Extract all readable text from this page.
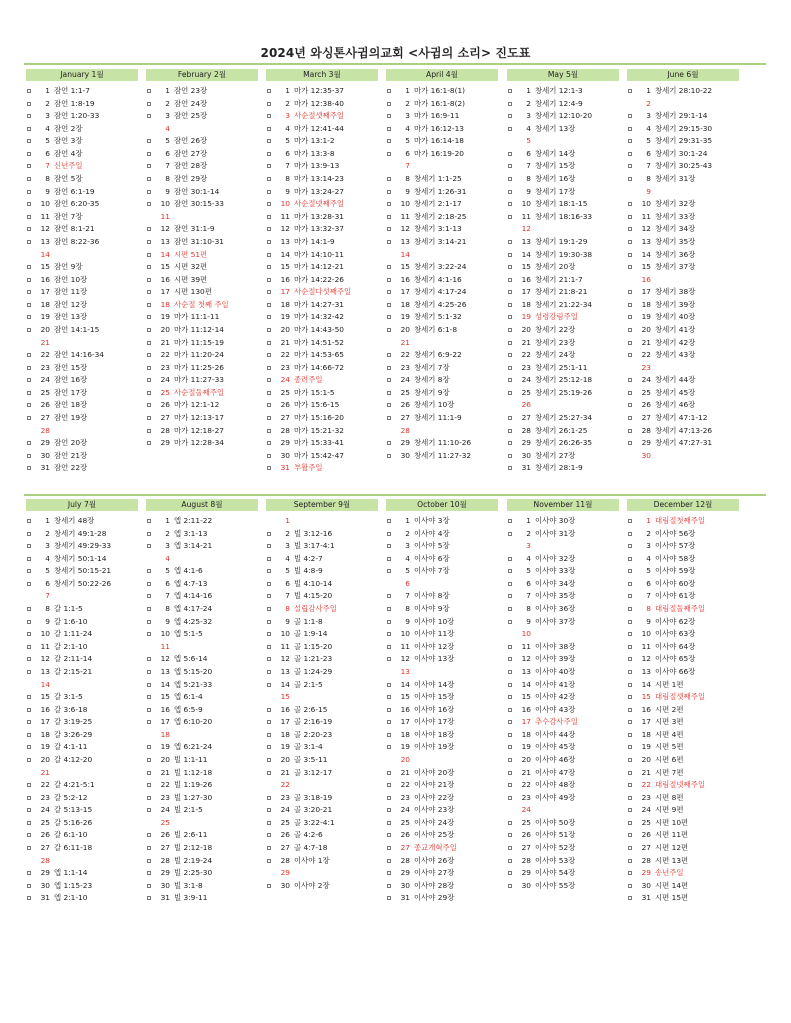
2024년 와싱톤사귐의교회 <사귐의 소리> 진도표
January 1월
1 잠언 1:1-7
2 잠언 1:8-19
3 잠언 1:20-33
4 잠언 2장
5 잠언 3장
6 잠언 4장
7 신년주일
8 잠언 5장
9 잠언 6:1-19
10 잠언 6:20-35
11 잠언 7장
12 잠언 8:1-21
13 잠언 8:22-36
14
15 잠언 9장
16 잠언 10장
17 잠언 11장
18 잠언 12장
19 잠언 13장
20 잠언 14:1-15
21
22 잠언 14:16-34
23 잠언 15장
24 잠언 16장
25 잠언 17장
26 잠언 18장
27 잠언 19장
28
29 잠언 20장
30 잠언 21장
31 잠언 22장
February 2월
1 잠언 23장
2 잠언 24장
3 잠언 25장
4
5 잠언 26장
6 잠언 27장
7 잠언 28장
8 잠언 29장
9 잠언 30:1-14
10 잠언 30:15-33
11
12 잠언 31:1-9
13 잠언 31:10-31
14 시편 51편
15 시편 32편
16 시편 39편
17 시편 130편
18 사순절 첫째 주일
19 마가 11:1-11
20 마가 11:12-14
21 마가 11:15-19
22 마가 11:20-24
23 마가 11:25-26
24 마가 11:27-33
25 사순절둘째주일
26 마가 12:1-12
27 마가 12:13-17
28 마가 12:18-27
29 마가 12:28-34
March 3월
1 마가 12:35-37
2 마가 12:38-40
3 사순절셋째주일
4 마가 12:41-44
5 마가 13:1-2
6 마가 13:3-8
7 마가 13:9-13
8 마가 13:14-23
9 마가 13:24-27
10 사순절넷째주일
11 마가 13:28-31
12 마가 13:32-37
13 마가 14:1-9
14 마가 14:10-11
15 마가 14:12-21
16 마가 14:22-26
17 사순절다섯째주일
18 마가 14:27-31
19 마가 14:32-42
20 마가 14:43-50
21 마가 14:51-52
22 마가 14:53-65
23 마가 14:66-72
24 종려주일
25 마가 15:1-5
26 마가 15:6-15
27 마가 15:16-20
28 마가 15:21-32
29 마가 15:33-41
30 마가 15:42-47
31 부활주일
April 4월
1 마가 16:1-8(1)
2 마가 16:1-8(2)
3 마가 16:9-11
4 마가 16:12-13
5 마가 16:14-18
6 마가 16:19-20
7
8 창세기 1:1-25
9 창세기 1:26-31
10 창세기 2:1-17
11 창세기 2:18-25
12 창세기 3:1-13
13 창세기 3:14-21
14
15 창세기 3:22-24
16 창세기 4:1-16
17 창세기 4:17-24
18 창세기 4:25-26
19 창세기 5:1-32
20 창세기 6:1-8
21
22 창세기 6:9-22
23 창세기 7장
24 창세기 8장
25 창세기 9장
26 창세기 10장
27 창세기 11:1-9
28
29 창세기 11:10-26
30 창세기 11:27-32
May 5월
1 창세기 12:1-3
2 창세기 12:4-9
3 창세기 12:10-20
4 창세기 13장
5
6 창세기 14장
7 창세기 15장
8 창세기 16장
9 창세기 17장
10 창세기 18:1-15
11 창세기 18:16-33
12
13 창세기 19:1-29
14 창세기 19:30-38
15 창세기 20장
16 창세기 21:1-7
17 창세기 21:8-21
18 창세기 21:22-34
19 성령강림주일
20 창세기 22장
21 창세기 23장
22 창세기 24장
23 창세기 25:1-11
24 창세기 25:12-18
25 창세기 25:19-26
26
27 창세기 25:27-34
28 창세기 26:1-25
29 창세기 26:26-35
30 창세기 27장
31 창세기 28:1-9
June 6월
1 창세기 28:10-22
2
3 창세기 29:1-14
4 창세기 29:15-30
5 창세기 29:31-35
6 창세기 30:1-24
7 창세기 30:25-43
8 창세기 31장
9
10 창세기 32장
11 창세기 33장
12 창세기 34장
13 창세기 35장
14 창세기 36장
15 창세기 37장
16
17 창세기 38장
18 창세기 39장
19 창세기 40장
20 창세기 41장
21 창세기 42장
22 창세기 43장
23
24 창세기 44장
25 창세기 45장
26 창세기 46장
27 창세기 47:1-12
28 창세기 47:13-26
29 창세기 47:27-31
30
July 7월
1 창세기 48장
2 창세기 49:1-28
3 창세기 49:29-33
4 창세기 50:1-14
5 창세기 50:15-21
6 창세기 50:22-26
7
8 갈 1:1-5
9 갈 1:6-10
10 갈 1:11-24
11 갈 2:1-10
12 갈 2:11-14
13 갈 2:15-21
14
15 갈 3:1-5
16 갈 3:6-18
17 갈 3:19-25
18 갈 3:26-29
19 갈 4:1-11
20 갈 4:12-20
21
22 갈 4:21-5:1
23 갈 5:2-12
24 갈 5:13-15
25 갈 5:16-26
26 갈 6:1-10
27 갈 6:11-18
28
29 엡 1:1-14
30 엡 1:15-23
31 엡 2:1-10
August 8월
1 엡 2:11-22
2 엡 3:1-13
3 엡 3:14-21
4
5 엡 4:1-6
6 엡 4:7-13
7 엡 4:14-16
8 엡 4:17-24
9 엡 4:25-32
10 엡 5:1-5
11
12 엡 5:6-14
13 엡 5:15-20
14 엡 5:21-33
15 엡 6:1-4
16 엡 6:5-9
17 엡 6:10-20
18
19 엡 6:21-24
20 빌 1:1-11
21 빌 1:12-18
22 빌 1:19-26
23 빌 1:27-30
24 빌 2:1-5
25
26 빌 2:6-11
27 빌 2:12-18
28 빌 2:19-24
29 빌 2:25-30
30 빌 3:1-8
31 빌 3:9-11
September 9월
1
2 빌 3:12-16
3 빌 3:17-4:1
4 빌 4:2-7
5 빌 4:8-9
6 빌 4:10-14
7 빌 4:15-20
8 설립감사주일
9 골 1:1-8
10 골 1:9-14
11 골 1:15-20
12 골 1:21-23
13 골 1:24-29
14 골 2:1-5
15
16 골 2:6-15
17 골 2:16-19
18 골 2:20-23
19 골 3:1-4
20 골 3:5-11
21 골 3:12-17
22
23 골 3:18-19
24 골 3:20-21
25 골 3:22-4:1
26 골 4:2-6
27 골 4:7-18
28 이사야 1장
29
30 이사야 2장
October 10월
1 이사야 3장
2 이사야 4장
3 이사야 5장
4 이사야 6장
5 이사야 7장
6
7 이사야 8장
8 이사야 9장
9 이사야 10장
10 이사야 11장
11 이사야 12장
12 이사야 13장
13
14 이사야 14장
15 이사야 15장
16 이사야 16장
17 이사야 17장
18 이사야 18장
19 이사야 19장
20
21 이사야 20장
22 이사야 21장
23 이사야 22장
24 이사야 23장
25 이사야 24장
26 이사야 25장
27 종교개혁주일
28 이사야 26장
29 이사야 27장
30 이사야 28장
31 이사야 29장
November 11월
1 이사야 30장
2 이사야 31장
3
4 이사야 32장
5 이사야 33장
6 이사야 34장
7 이사야 35장
8 이사야 36장
9 이사야 37장
10
11 이사야 38장
12 이사야 39장
13 이사야 40장
14 이사야 41장
15 이사야 42장
16 이사야 43장
17 추수감사주일
18 이사야 44장
19 이사야 45장
20 이사야 46장
21 이사야 47장
22 이사야 48장
23 이사야 49장
24
25 이사야 50장
26 이사야 51장
27 이사야 52장
28 이사야 53장
29 이사야 54장
30 이사야 55장
December 12월
1 대림절첫째주일
2 이사야 56장
3 이사야 57장
4 이사야 58장
5 이사야 59장
6 이사야 60장
7 이사야 61장
8 대림절둘째주일
9 이사야 62장
10 이사야 63장
11 이사야 64장
12 이사야 65장
13 이사야 66장
14 시편 1편
15 대림절셋째주일
16 시편 2편
17 시편 3편
18 시편 4편
19 시편 5편
20 시편 6편
21 시편 7편
22 대림절넷째주일
23 시편 8편
24 시편 9편
25 시편 10편
26 시편 11편
27 시편 12편
28 시편 13편
29 송년주일
30 시편 14편
31 시편 15편
